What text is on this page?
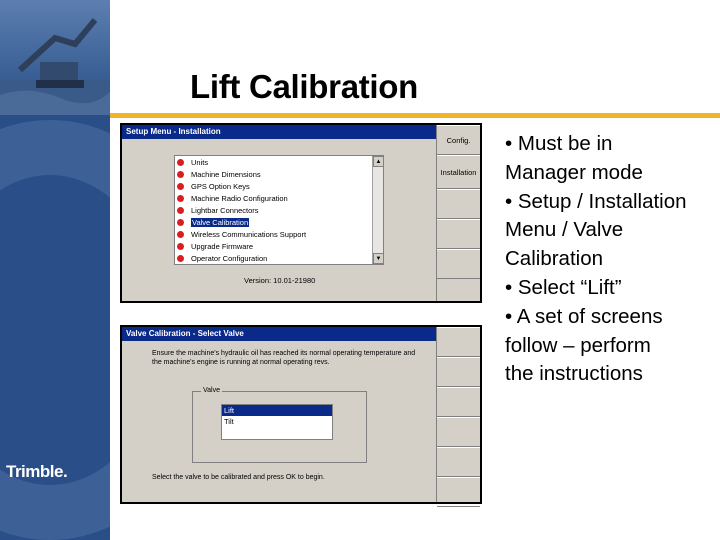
Trimble.
Lift Calibration
Setup Menu - Installation
Units
Machine Dimensions
GPS Option Keys
Machine Radio Configuration
Lightbar Connectors
Valve Calibration
Wireless Communications Support
Upgrade Firmware
Operator Configuration
▲
▼
Version: 10.01-21980
Config.
Installation
Valve Calibration - Select Valve
Ensure the machine's hydraulic oil has reached its normal operating temperature and the machine's engine is running at normal operating revs.
Valve
Lift
Tilt
Select the valve to be calibrated and press OK to begin.
• Must be in
Manager mode
• Setup / Installation
Menu / Valve
Calibration
• Select “Lift”
• A set of screens
follow – perform
the instructions
